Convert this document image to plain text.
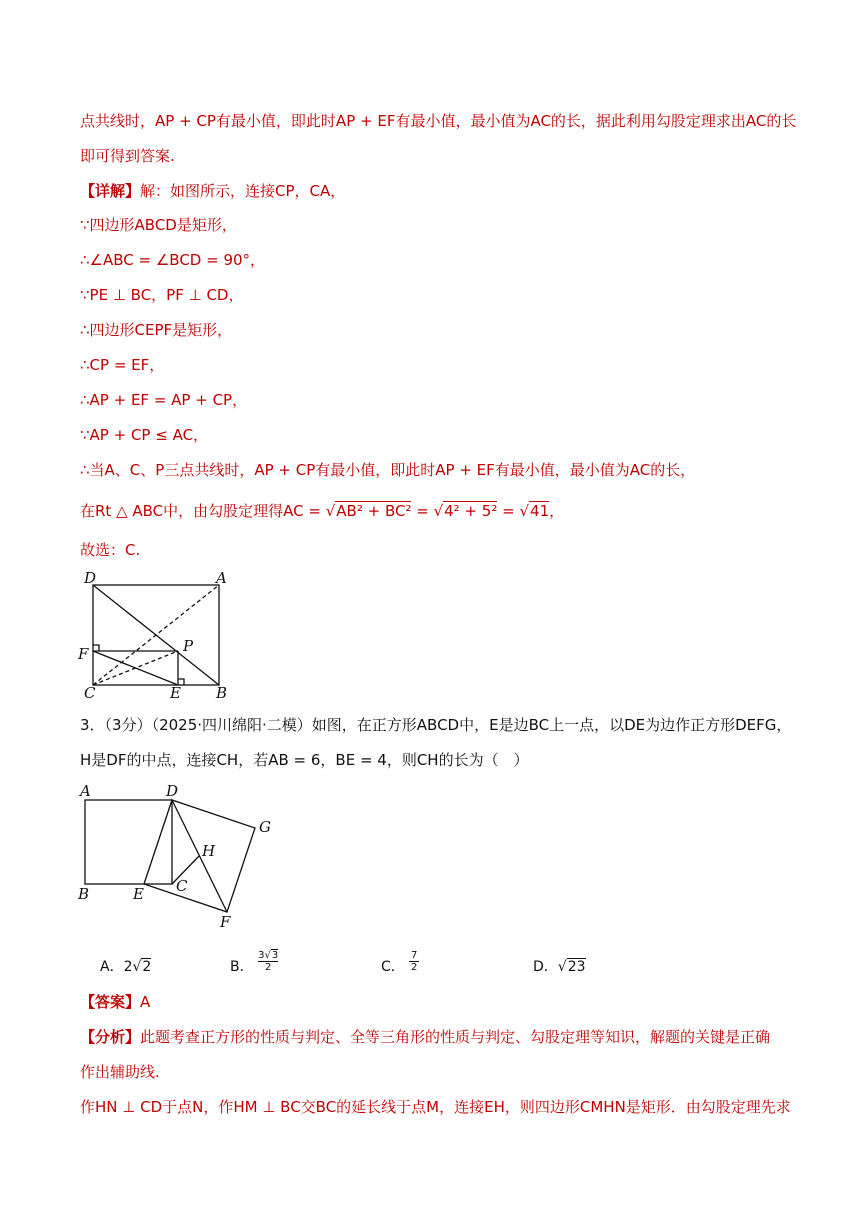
点共线时，AP + CP有最小值，即此时AP + EF有最小值，最小值为AC的长，据此利用勾股定理求出AC的长
即可得到答案.
【详解】解：如图所示，连接CP，CA，
∵四边形ABCD是矩形，
∴∠ABC = ∠BCD = 90°，
∵PE ⊥ BC，PF ⊥ CD，
∴四边形CEPF是矩形，
∴CP = EF，
∴AP + EF = AP + CP，
∵AP + CP ≤ AC，
∴当A、C、P三点共线时，AP + CP有最小值，即此时AP + EF有最小值，最小值为AC的长，
在Rt △ ABC中，由勾股定理得AC = √AB² + BC² = √4² + 5² = √41，
故选：C.
D	A
P
F
C	E B
3．（3分）（2025·四川绵阳·二模）如图，在正方形ABCD中，E是边BC上一点，以DE为边作正方形DEFG，
H是DF的中点，连接CH，若AB = 6，BE = 4，则CH的长为（　）
A	D
G
H
B	E C
F
A．2√2	B． $\frac{3√3}{2}$	C． $\frac{7}{2}$	D．√23
【答案】A
【分析】此题考查正方形的性质与判定、全等三角形的性质与判定、勾股定理等知识，解题的关键是正确
作出辅助线.
作HN ⊥ CD于点N，作HM ⊥ BC交BC的延长线于点M，连接EH，则四边形CMHN是矩形．由勾股定理先求
